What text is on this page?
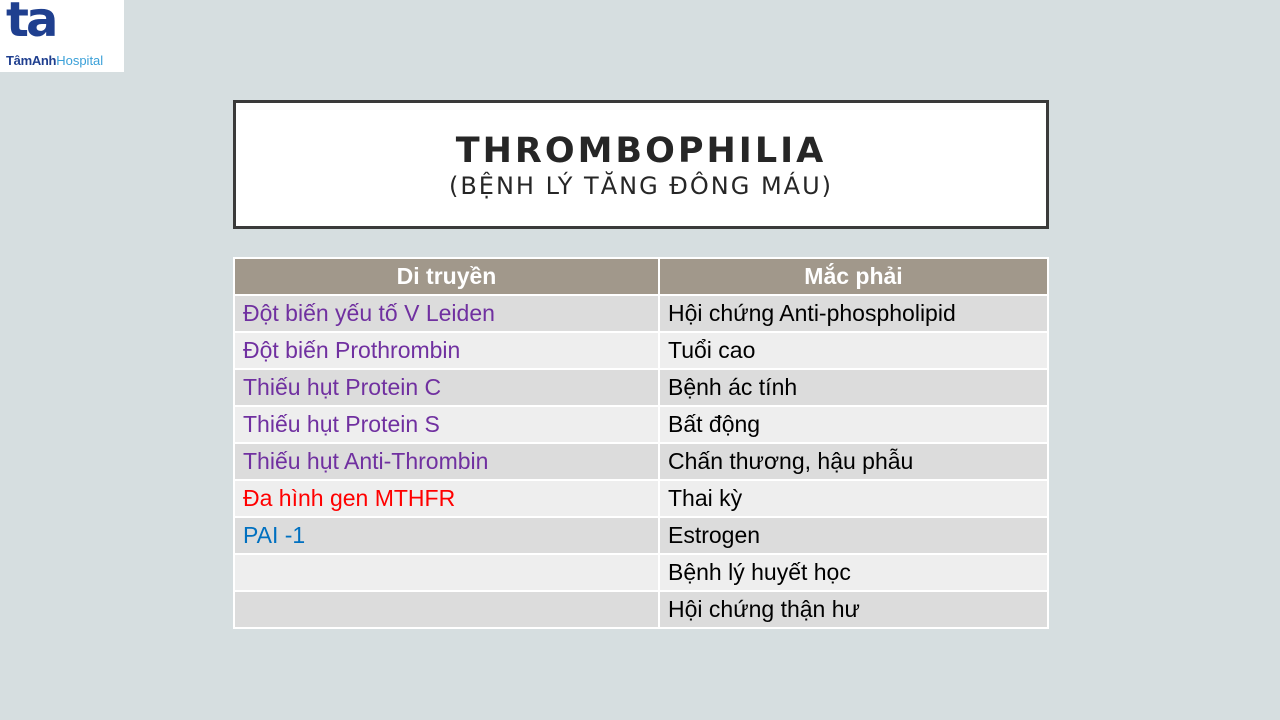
ta
TâmAnhHospital
THROMBOPHILIA
(BỆNH LÝ TĂNG ĐÔNG MÁU)
Di truyền	Mắc phải
Đột biến yếu tố V Leiden	Hội chứng Anti-phospholipid
Đột biến Prothrombin	Tuổi cao
Thiếu hụt Protein C	Bệnh ác tính
Thiếu hụt Protein S	Bất động
Thiếu hụt Anti-Thrombin	Chấn thương, hậu phẫu
Đa hình gen MTHFR	Thai kỳ
PAI -1	Estrogen
	Bệnh lý huyết học
	Hội chứng thận hư
